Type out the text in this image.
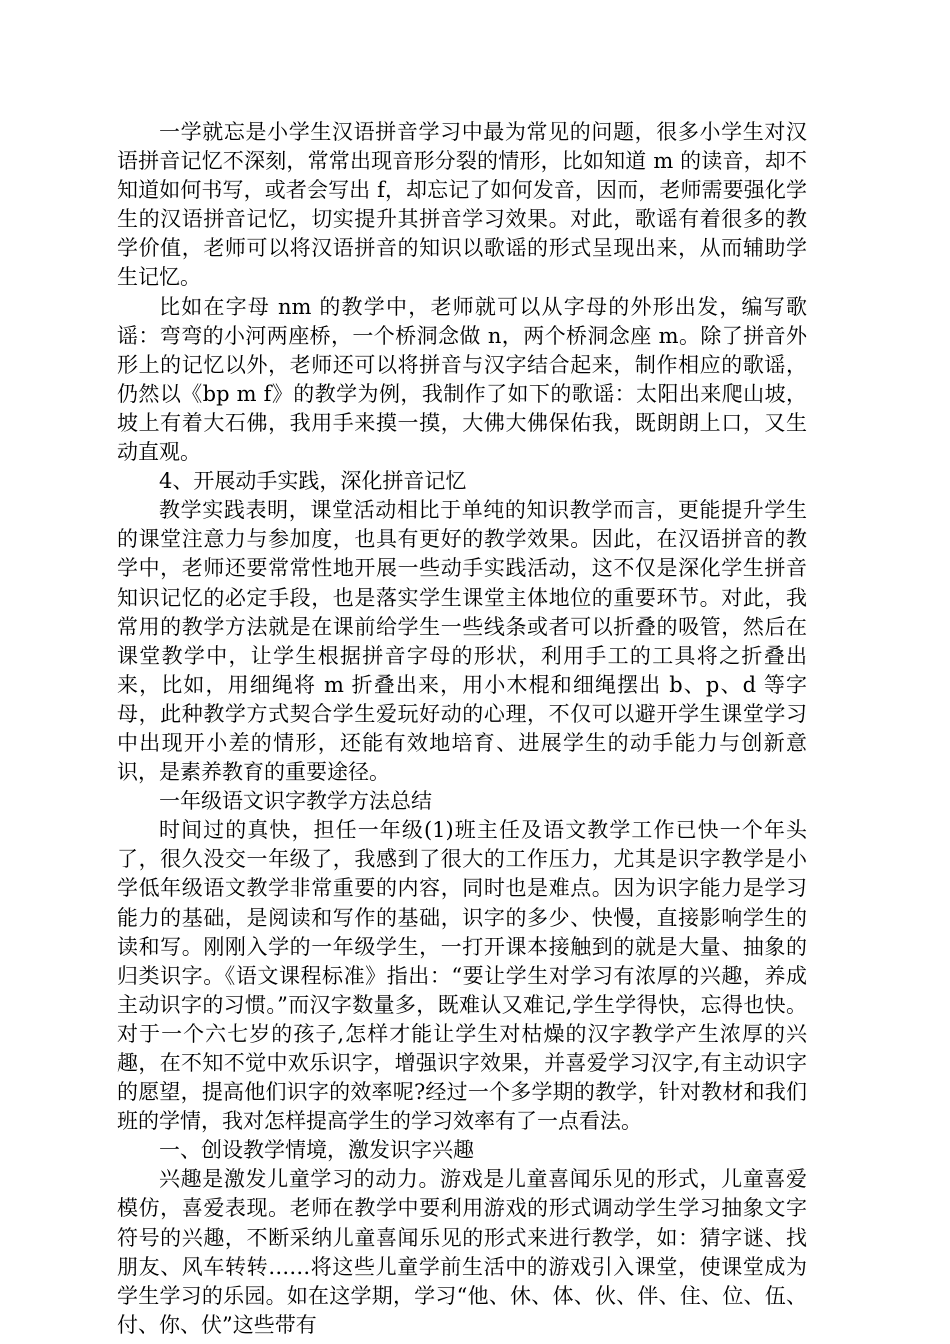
一学就忘是小学生汉语拼音学习中最为常见的问题，很多小学生对汉语拼音记忆不深刻，常常出现音形分裂的情形，比如知道 m 的读音，却不知道如何书写，或者会写出 f，却忘记了如何发音，因而，老师需要强化学生的汉语拼音记忆，切实提升其拼音学习效果。对此，歌谣有着很多的教学价值，老师可以将汉语拼音的知识以歌谣的形式呈现出来，从而辅助学生记忆。

比如在字母 nm 的教学中，老师就可以从字母的外形出发，编写歌谣：弯弯的小河两座桥，一个桥洞念做 n，两个桥洞念座 m。除了拼音外形上的记忆以外，老师还可以将拼音与汉字结合起来，制作相应的歌谣，仍然以《bp m f》的教学为例，我制作了如下的歌谣：太阳出来爬山坡，坡上有着大石佛，我用手来摸一摸，大佛大佛保佑我，既朗朗上口，又生动直观。

4、开展动手实践，深化拼音记忆

教学实践表明，课堂活动相比于单纯的知识教学而言，更能提升学生的课堂注意力与参加度，也具有更好的教学效果。因此，在汉语拼音的教学中，老师还要常常性地开展一些动手实践活动，这不仅是深化学生拼音知识记忆的必定手段，也是落实学生课堂主体地位的重要环节。对此，我常用的教学方法就是在课前给学生一些线条或者可以折叠的吸管，然后在课堂教学中，让学生根据拼音字母的形状，利用手工的工具将之折叠出来，比如，用细绳将 m 折叠出来，用小木棍和细绳摆出 b、p、d 等字母，此种教学方式契合学生爱玩好动的心理，不仅可以避开学生课堂学习中出现开小差的情形，还能有效地培育、进展学生的动手能力与创新意识，是素养教育的重要途径。

一年级语文识字教学方法总结

时间过的真快，担任一年级(1)班主任及语文教学工作已快一个年头了，很久没交一年级了，我感到了很大的工作压力，尤其是识字教学是小学低年级语文教学非常重要的内容，同时也是难点。因为识字能力是学习能力的基础，是阅读和写作的基础，识字的多少、快慢，直接影响学生的读和写。刚刚入学的一年级学生，一打开课本接触到的就是大量、抽象的归类识字。《语文课程标准》指出：“要让学生对学习有浓厚的兴趣，养成主动识字的习惯。”而汉字数量多，既难认又难记,学生学得快，忘得也快。对于一个六七岁的孩子,怎样才能让学生对枯燥的汉字教学产生浓厚的兴趣，在不知不觉中欢乐识字，增强识字效果，并喜爱学习汉字,有主动识字的愿望，提高他们识字的效率呢?经过一个多学期的教学，针对教材和我们班的学情，我对怎样提高学生的学习效率有了一点看法。

一、创设教学情境，激发识字兴趣

兴趣是激发儿童学习的动力。游戏是儿童喜闻乐见的形式，儿童喜爱模仿，喜爱表现。老师在教学中要利用游戏的形式调动学生学习抽象文字符号的兴趣，不断采纳儿童喜闻乐见的形式来进行教学，如：猜字谜、找朋友、风车转转……将这些儿童学前生活中的游戏引入课堂，使课堂成为学生学习的乐园。如在这学期，学习“他、休、体、伙、伴、住、位、伍、付、你、伏”这些带有
